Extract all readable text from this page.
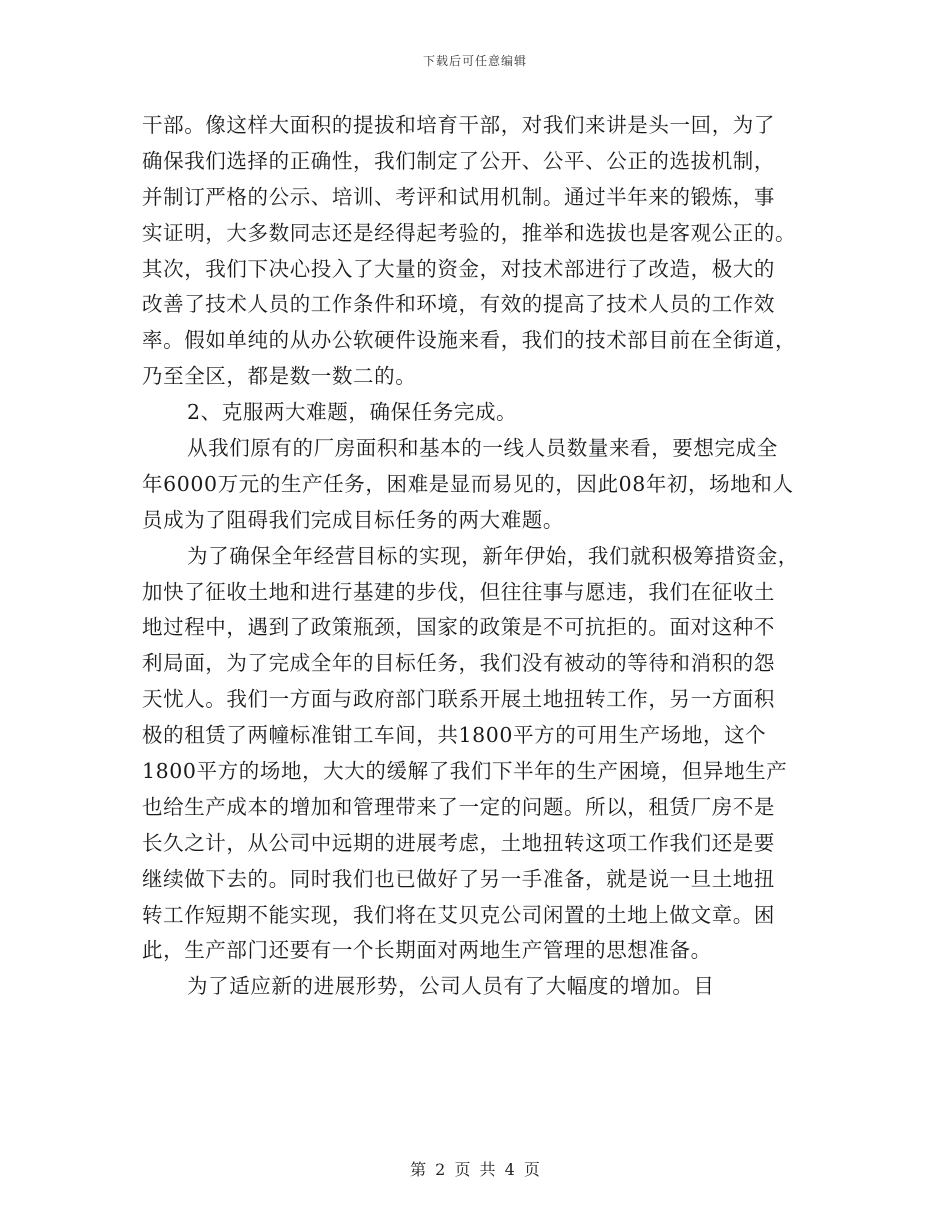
下载后可任意编辑
干部。像这样大面积的提拔和培育干部，对我们来讲是头一回，为了
确保我们选择的正确性，我们制定了公开、公平、公正的选拔机制，
并制订严格的公示、培训、考评和试用机制。通过半年来的锻炼，事
实证明，大多数同志还是经得起考验的，推举和选拔也是客观公正的。
其次，我们下决心投入了大量的资金，对技术部进行了改造，极大的
改善了技术人员的工作条件和环境，有效的提高了技术人员的工作效
率。假如单纯的从办公软硬件设施来看，我们的技术部目前在全街道，
乃至全区，都是数一数二的。
2、克服两大难题，确保任务完成。
从我们原有的厂房面积和基本的一线人员数量来看，要想完成全
年6000万元的生产任务，困难是显而易见的，因此08年初，场地和人
员成为了阻碍我们完成目标任务的两大难题。
为了确保全年经营目标的实现，新年伊始，我们就积极筹措资金，
加快了征收土地和进行基建的步伐，但往往事与愿违，我们在征收土
地过程中，遇到了政策瓶颈，国家的政策是不可抗拒的。面对这种不
利局面，为了完成全年的目标任务，我们没有被动的等待和消积的怨
天忧人。我们一方面与政府部门联系开展土地扭转工作，另一方面积
极的租赁了两幢标准钳工车间，共1800平方的可用生产场地，这个
1800平方的场地，大大的缓解了我们下半年的生产困境，但异地生产
也给生产成本的增加和管理带来了一定的问题。所以，租赁厂房不是
长久之计，从公司中远期的进展考虑，土地扭转这项工作我们还是要
继续做下去的。同时我们也已做好了另一手准备，就是说一旦土地扭
转工作短期不能实现，我们将在艾贝克公司闲置的土地上做文章。困
此，生产部门还要有一个长期面对两地生产管理的思想准备。
为了适应新的进展形势，公司人员有了大幅度的增加。目
第 2 页 共 4 页
